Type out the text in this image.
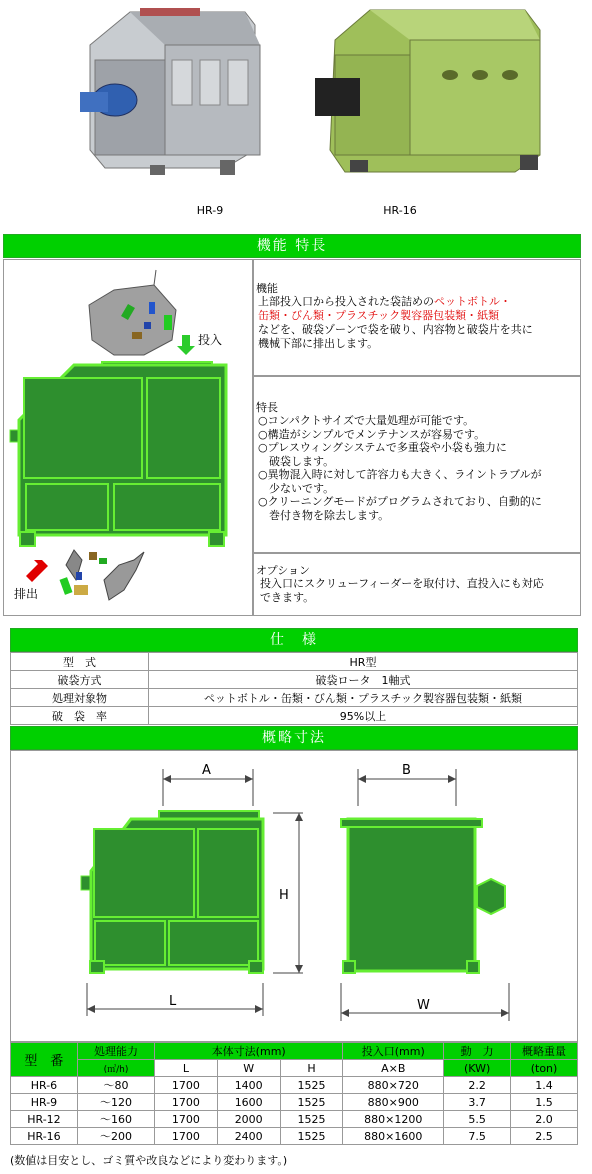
HR-9	HR-16
機能 特長
投入
排出
機能
上部投入口から投入された袋詰めのペットボトル・
缶類・びん類・プラスチック製容器包装類・紙類
などを、破袋ゾーンで袋を破り、内容物と破袋片を共に
機械下部に排出します。
特長
○コンパクトサイズで大量処理が可能です。
○構造がシンプルでメンテナンスが容易です。
○プレスウィングシステムで多重袋や小袋も強力に
　破袋します。
○異物混入時に対して許容力も大きく、ライントラブルが
　少ないです。
○クリーニングモードがプログラムされており、自動的に
　巻付き物を除去します。
オプション
投入口にスクリューフィーダーを取付け、直投入にも対応
できます。
仕　様
型　式	HR型
破袋方式	破袋ロータ　1軸式
処理対象物	ペットボトル・缶類・びん類・プラスチック製容器包装類・紙類
破　袋　率	95%以上
概略寸法
A
H
L
B
W
型　番	処理能力	本体寸法(mm)			投入口(mm)	動　力	概略重量
	(㎥/h)	L	W	H	A×B	(KW)	(ton)
HR-6	～80	1700	1400	1525	880×720	2.2	1.4
HR-9	～120	1700	1600	1525	880×900	3.7	1.5
HR-12	～160	1700	2000	1525	880×1200	5.5	2.0
HR-16	～200	1700	2400	1525	880×1600	7.5	2.5
(数値は目安とし、ゴミ質や改良などにより変わります。)
